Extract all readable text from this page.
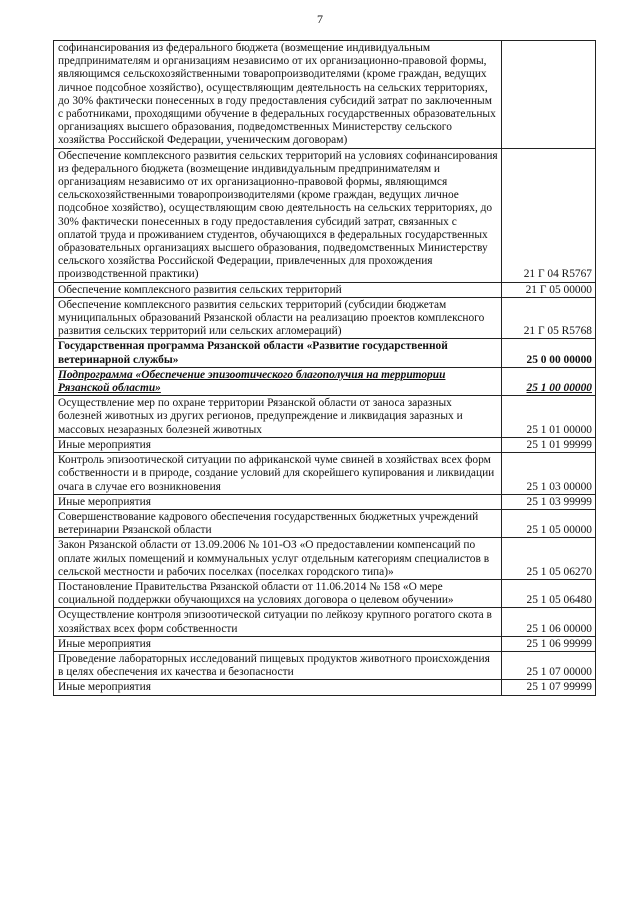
7
софинансирования из федерального бюджета (возмещение индивидуальным предпринимателям и организациям независимо от их организационно-правовой формы, являющимся сельскохозяйственными товаропроизводителями (кроме граждан, ведущих личное подсобное хозяйство), осуществляющим деятельность на сельских территориях, до 30% фактически понесенных в году предоставления субсидий затрат по заключенным с работниками, проходящими обучение в федеральных государственных образовательных организациях высшего образования, подведомственных Министерству сельского хозяйства Российской Федерации, ученическим договорам)	
Обеспечение комплексного развития сельских территорий на условиях софинансирования из федерального бюджета (возмещение индивидуальным предпринимателям и организациям независимо от их организационно-правовой формы, являющимся сельскохозяйственными товаропроизводителями (кроме граждан, ведущих личное подсобное хозяйство), осуществляющим свою деятельность на сельских территориях, до 30% фактически понесенных в году предоставления субсидий затрат, связанных с оплатой труда и проживанием студентов, обучающихся в федеральных государственных образовательных организациях высшего образования, подведомственных Министерству сельского хозяйства Российской Федерации, привлеченных для прохождения производственной практики)	21 Г 04 R5767
Обеспечение комплексного развития сельских территорий	21 Г 05 00000
Обеспечение комплексного развития сельских территорий (субсидии бюджетам муниципальных образований Рязанской области на реализацию проектов комплексного развития сельских территорий или сельских агломераций)	21 Г 05 R5768
Государственная программа Рязанской области «Развитие государственной ветеринарной службы»	25 0 00 00000
Подпрограмма «Обеспечение эпизоотического благополучия на территории Рязанской области»	25 1 00 00000
Осуществление мер по охране территории Рязанской области от заноса заразных болезней животных из других регионов, предупреждение и ликвидация заразных и массовых незаразных болезней животных	25 1 01 00000
Иные мероприятия	25 1 01 99999
Контроль эпизоотической ситуации по африканской чуме свиней в хозяйствах всех форм собственности и в природе, создание условий для скорейшего купирования и ликвидации очага в случае его возникновения	25 1 03 00000
Иные мероприятия	25 1 03 99999
Совершенствование кадрового обеспечения государственных бюджетных учреждений ветеринарии Рязанской области	25 1 05 00000
Закон Рязанской области от 13.09.2006 № 101-ОЗ «О предоставлении компенсаций по оплате жилых помещений и коммунальных услуг отдельным категориям специалистов в сельской местности и рабочих поселках (поселках городского типа)»	25 1 05 06270
Постановление Правительства Рязанской области от 11.06.2014 № 158 «О мере социальной поддержки обучающихся на условиях договора о целевом обучении»	25 1 05 06480
Осуществление контроля эпизоотической ситуации по лейкозу крупного рогатого скота в хозяйствах всех форм собственности	25 1 06 00000
Иные мероприятия	25 1 06 99999
Проведение лабораторных исследований пищевых продуктов животного происхождения в целях обеспечения их качества и безопасности	25 1 07 00000
Иные мероприятия	25 1 07 99999
